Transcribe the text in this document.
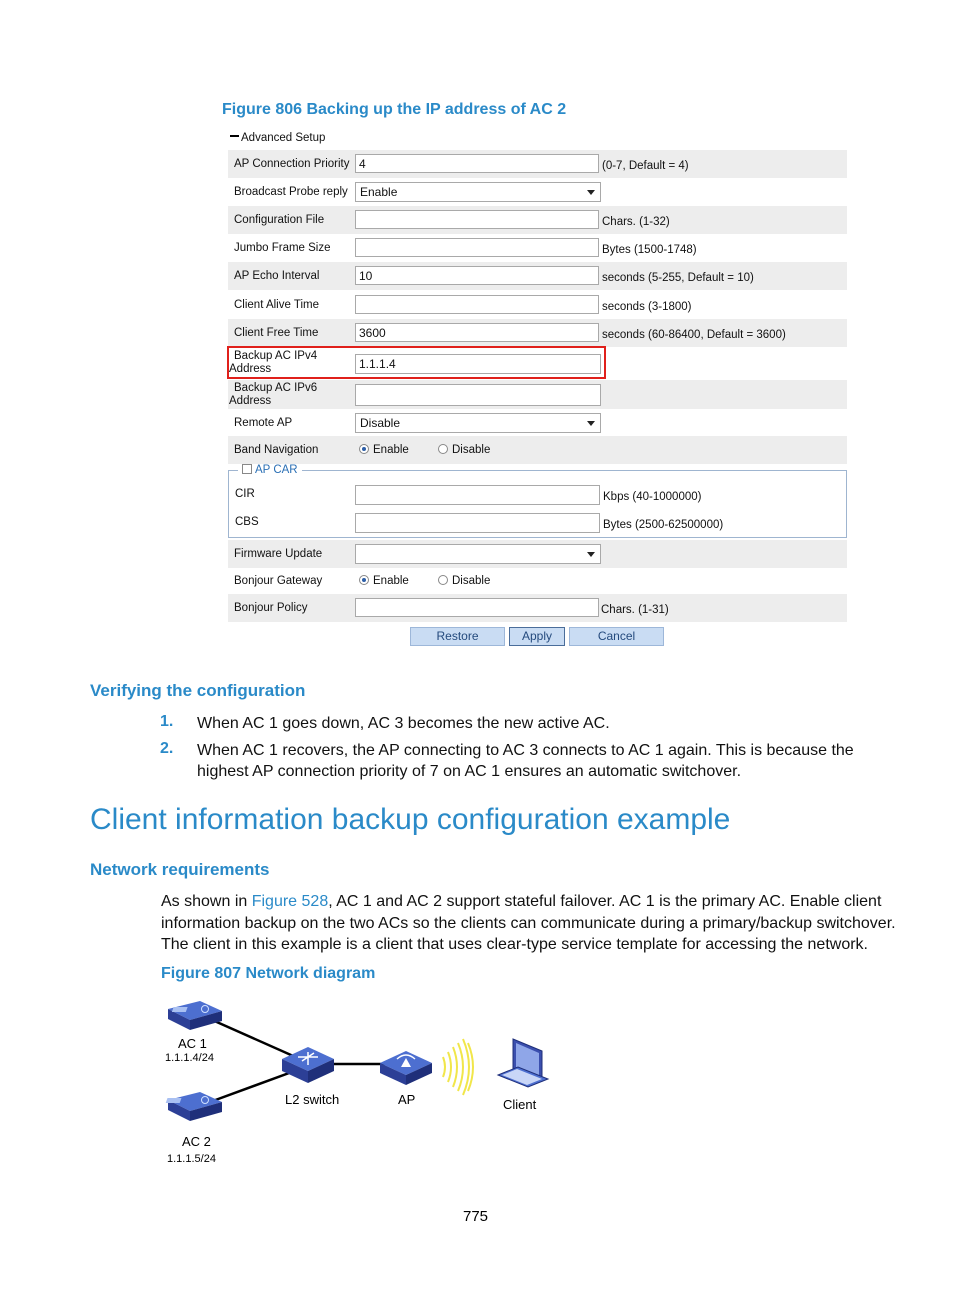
Figure 806 Backing up the IP address of AC 2
Advanced Setup
AP Connection Priority 4	(0-7, Default = 4)
Broadcast Probe reply	Enable
Configuration File	Chars. (1-32)
Jumbo Frame Size	Bytes (1500-1748)
AP Echo Interval	10	seconds (5-255, Default = 10)
Client Alive Time	seconds (3-1800)
Client Free Time	3600	seconds (60-86400, Default = 3600)
Backup AC IPv4
Address	1.1.1.4
Backup AC IPv6
Address
Remote AP	Disable
Band Navigation	Enable	Disable
AP CAR
CIR	Kbps (40-1000000)
CBS	Bytes (2500-62500000)
Firmware Update
Bonjour Gateway	Enable	Disable
Bonjour Policy	Chars. (1-31)
Restore	Apply	Cancel
Verifying the configuration
1. When AC 1 goes down, AC 3 becomes the new active AC.
2. When AC 1 recovers, the AP connecting to AC 3 connects to AC 1 again. This is because the
highest AP connection priority of 7 on AC 1 ensures an automatic switchover.
Client information backup configuration example
Network requirements
As shown in Figure 528, AC 1 and AC 2 support stateful failover. AC 1 is the primary AC. Enable client
information backup on the two ACs so the clients can communicate during a primary/backup switchover.
The client in this example is a client that uses clear-type service template for accessing the network.
Figure 807 Network diagram
AC 1
1.1.1.4/24
AC 2
1.1.1.5/24
L2 switch	AP	Client
775
